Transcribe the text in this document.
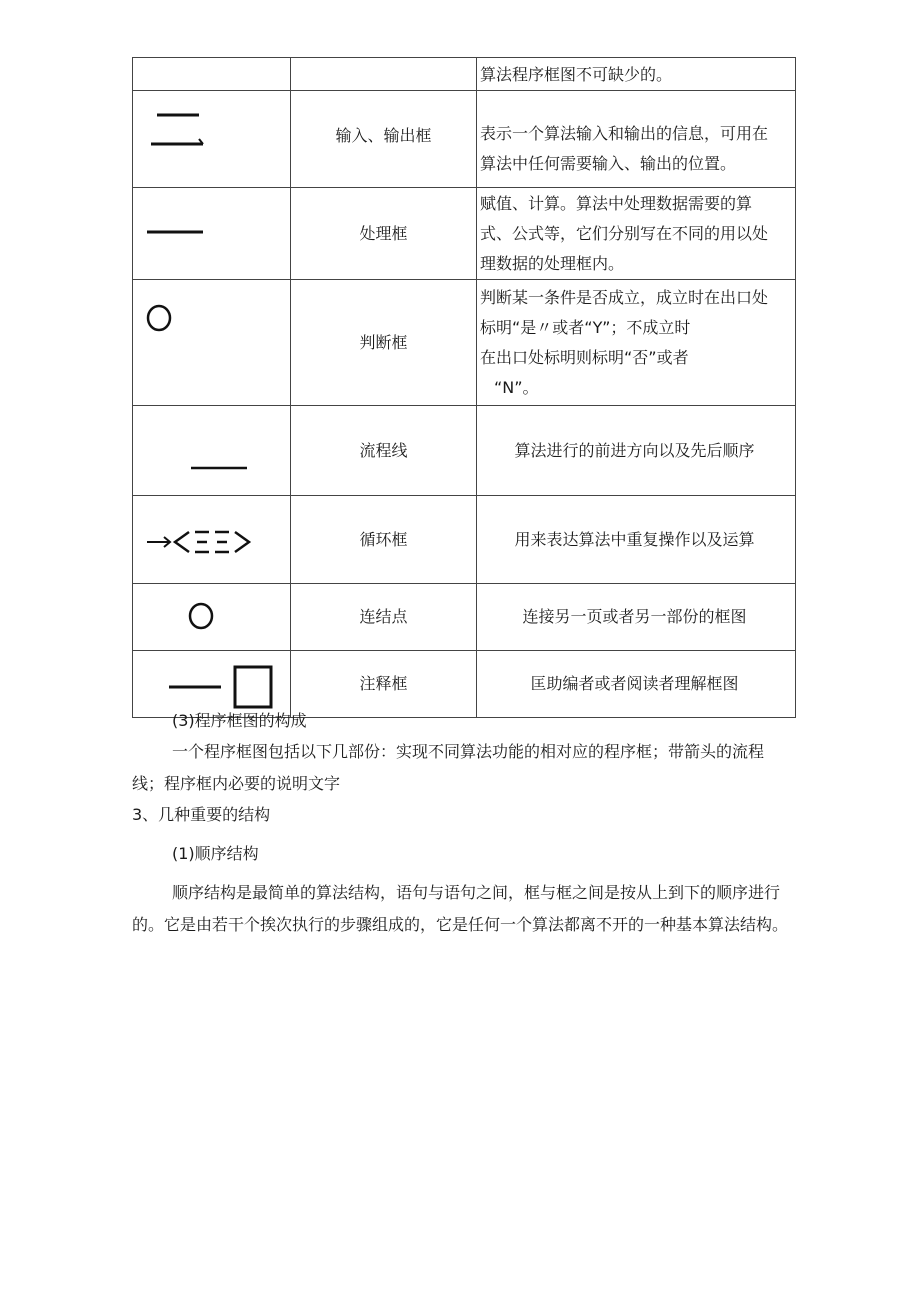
		算法程序框图不可缺少的。

输入、输出框	表示一个算法输入和输出的信息，可用在
算法中任何需要输入、输出的位置。

处理框	赋值、计算。算法中处理数据需要的算
式、公式等，它们分别写在不同的用以处
理数据的处理框内。

判断框	判断某一条件是否成立，成立时在出口处
标明“是〃或者“Y”；不成立时
在出口处标明则标明“否”或者
“N”。

流程线	算法进行的前进方向以及先后顺序

循环框	用来表达算法中重复操作以及运算

连结点	连接另一页或者另一部份的框图

注释框	匡助编者或者阅读者理解框图

(3)程序框图的构成

一个程序框图包括以下几部份：实现不同算法功能的相对应的程序框；带箭头的流程线；程序框内必要的说明文字

3、几种重要的结构

(1)顺序结构

顺序结构是最简单的算法结构，语句与语句之间，框与框之间是按从上到下的顺序进行的。它是由若干个挨次执行的步骤组成的，它是任何一个算法都离不开的一种基本算法结构。
